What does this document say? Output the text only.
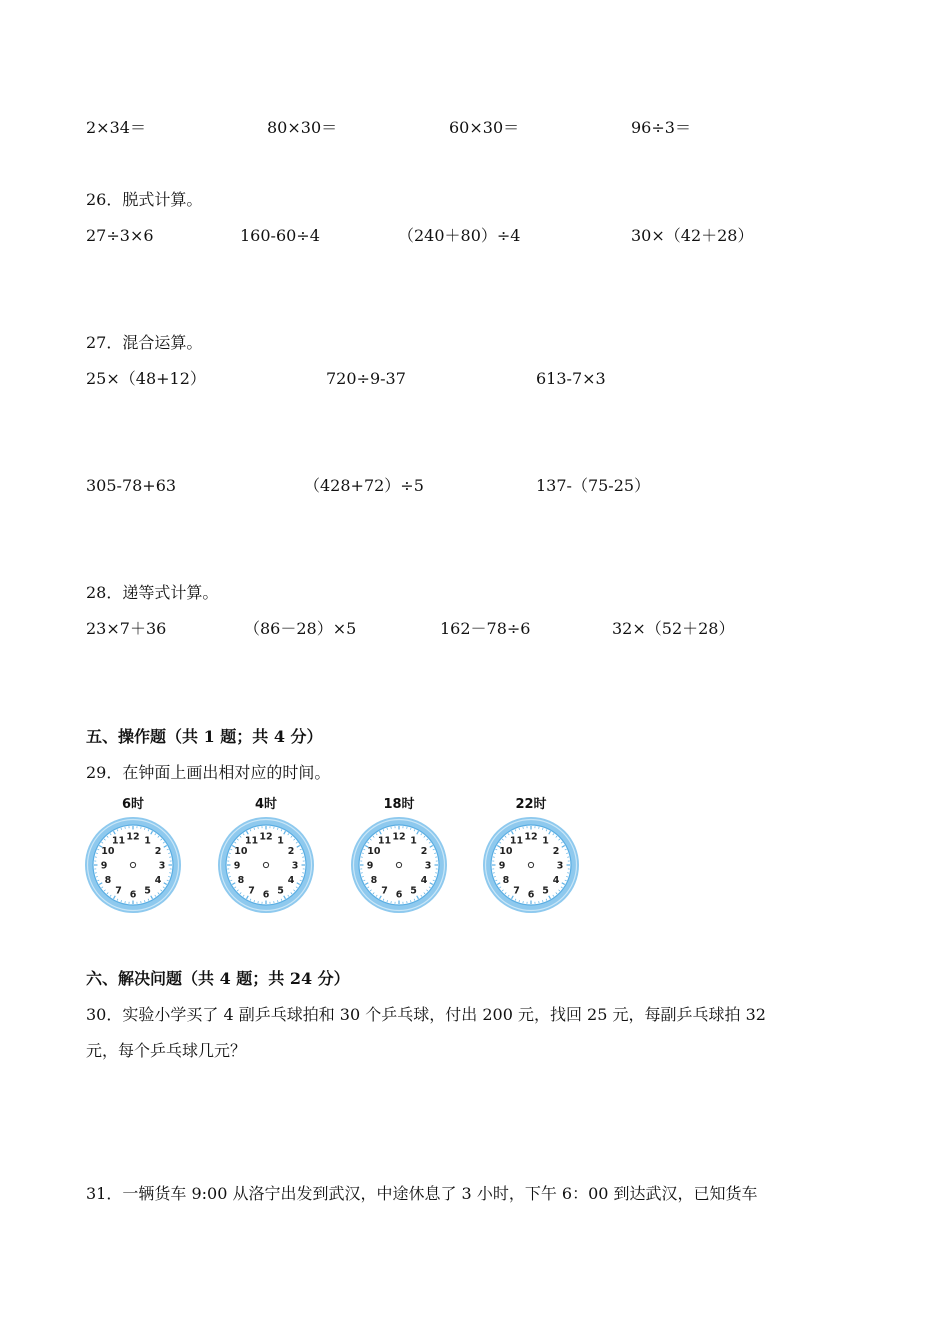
2×34＝	80×30＝	60×30＝	96÷3＝
26．脱式计算。
27÷3×6	160-60÷4	（240＋80）÷4	30×（42＋28）
27．混合运算。
25×（48+12）	720÷9-37	613-7×3
305-78+63	（428+72）÷5	137-（75-25）
28．递等式计算。
23×7＋36	（86－28）×5	162－78÷6	32×（52＋28）
五、操作题（共 1 题；共 4 分）
29．在钟面上画出相对应的时间。
6时
12 1
2
3
4
5
6
7
8
9
10
11
4时
12 1
2
3
4
5
6
7
8
9
10
11
18时
12 1
2
3
4
5
6
7
8
9
10
11
22时
12 1
2
3
4
5
6
7
8
9
10
11
六、解决问题（共 4 题；共 24 分）
30．实验小学买了 4 副乒乓球拍和 30 个乒乓球，付出 200 元，找回 25 元，每副乒乓球拍 32
元，每个乒乓球几元？
31．一辆货车 9:00 从洛宁出发到武汉，中途休息了 3 小时，下午 6：00 到达武汉，已知货车
